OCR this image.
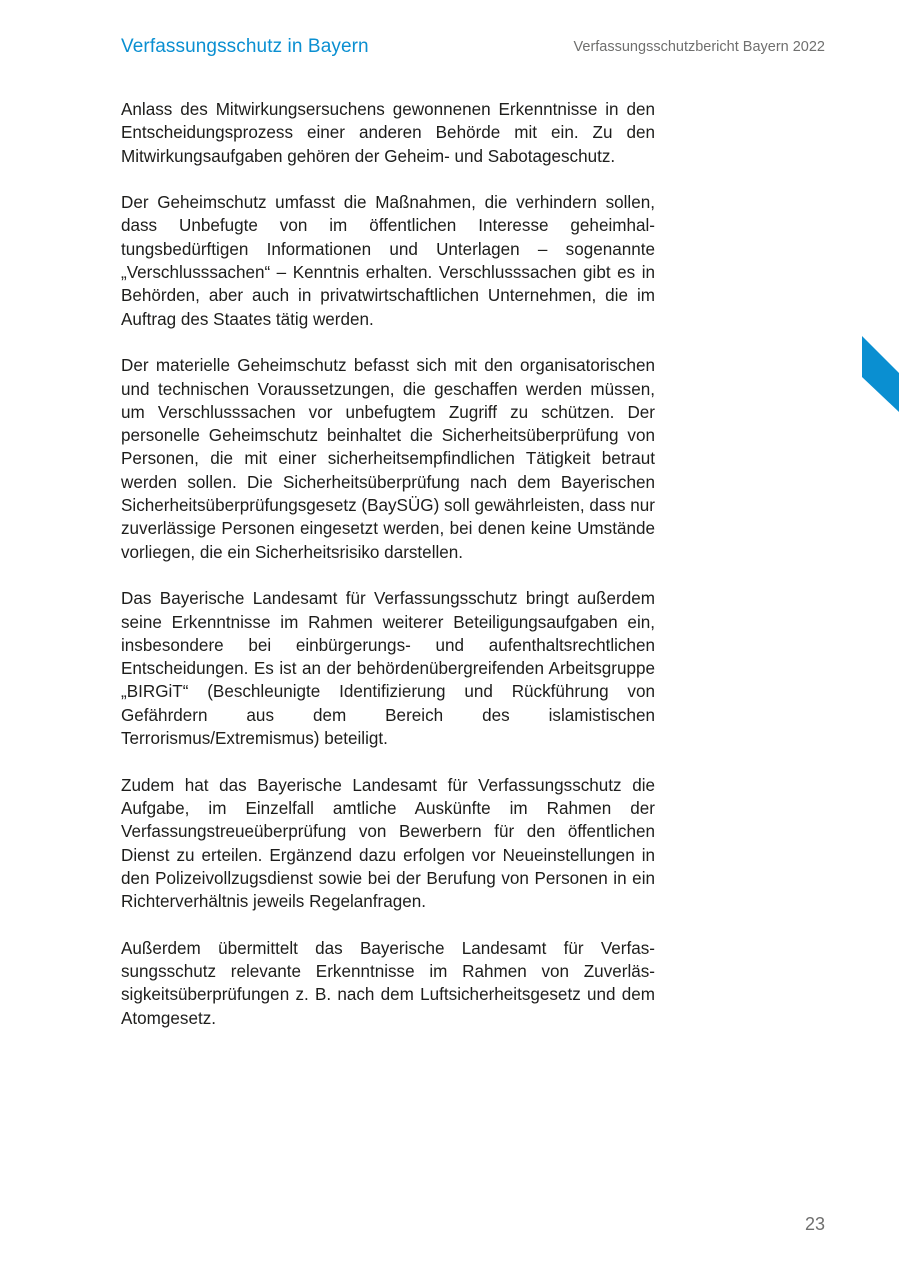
Verfassungsschutz in Bayern	Verfassungsschutzbericht Bayern 2022

Anlass des Mitwirkungsersuchens gewonnenen Erkenntnisse in den Entscheidungsprozess einer anderen Behörde mit ein. Zu den Mitwirkungsaufgaben gehören der Geheim- und Sabotageschutz.

Der Geheimschutz umfasst die Maßnahmen, die verhindern sollen, dass Unbefugte von im öffentlichen Interesse geheimhaltungsbedürftigen Informationen und Unterlagen – sogenannte „Verschlusssachen“ – Kenntnis erhalten. Verschlusssachen gibt es in Behörden, aber auch in privatwirtschaftlichen Unternehmen, die im Auftrag des Staates tätig werden.

Der materielle Geheimschutz befasst sich mit den organisatorischen und technischen Voraussetzungen, die geschaffen werden müssen, um Verschlusssachen vor unbefugtem Zugriff zu schützen. Der personelle Geheimschutz beinhaltet die Sicherheitsüberprüfung von Personen, die mit einer sicherheitsempfindlichen Tätigkeit betraut werden sollen. Die Sicherheitsüberprüfung nach dem Bayerischen Sicherheitsüberprüfungsgesetz (BaySÜG) soll gewährleisten, dass nur zuverlässige Personen eingesetzt werden, bei denen keine Umstände vorliegen, die ein Sicherheitsrisiko darstellen.

Das Bayerische Landesamt für Verfassungsschutz bringt außerdem seine Erkenntnisse im Rahmen weiterer Beteiligungsaufgaben ein, insbesondere bei einbürgerungs- und aufenthaltsrechtlichen Entscheidungen. Es ist an der behördenübergreifenden Arbeitsgruppe „BIRGiT“ (Beschleunigte Identifizierung und Rückführung von Gefährdern aus dem Bereich des islamistischen Terrorismus/Extremismus) beteiligt.

Zudem hat das Bayerische Landesamt für Verfassungsschutz die Aufgabe, im Einzelfall amtliche Auskünfte im Rahmen der Verfassungstreueüberprüfung von Bewerbern für den öffentlichen Dienst zu erteilen. Ergänzend dazu erfolgen vor Neueinstellungen in den Polizeivollzugsdienst sowie bei der Berufung von Personen in ein Richterverhältnis jeweils Regelanfragen.

Außerdem übermittelt das Bayerische Landesamt für Verfassungsschutz relevante Erkenntnisse im Rahmen von Zuverlässigkeitsüberprüfungen z. B. nach dem Luftsicherheitsgesetz und dem Atomgesetz.

23
